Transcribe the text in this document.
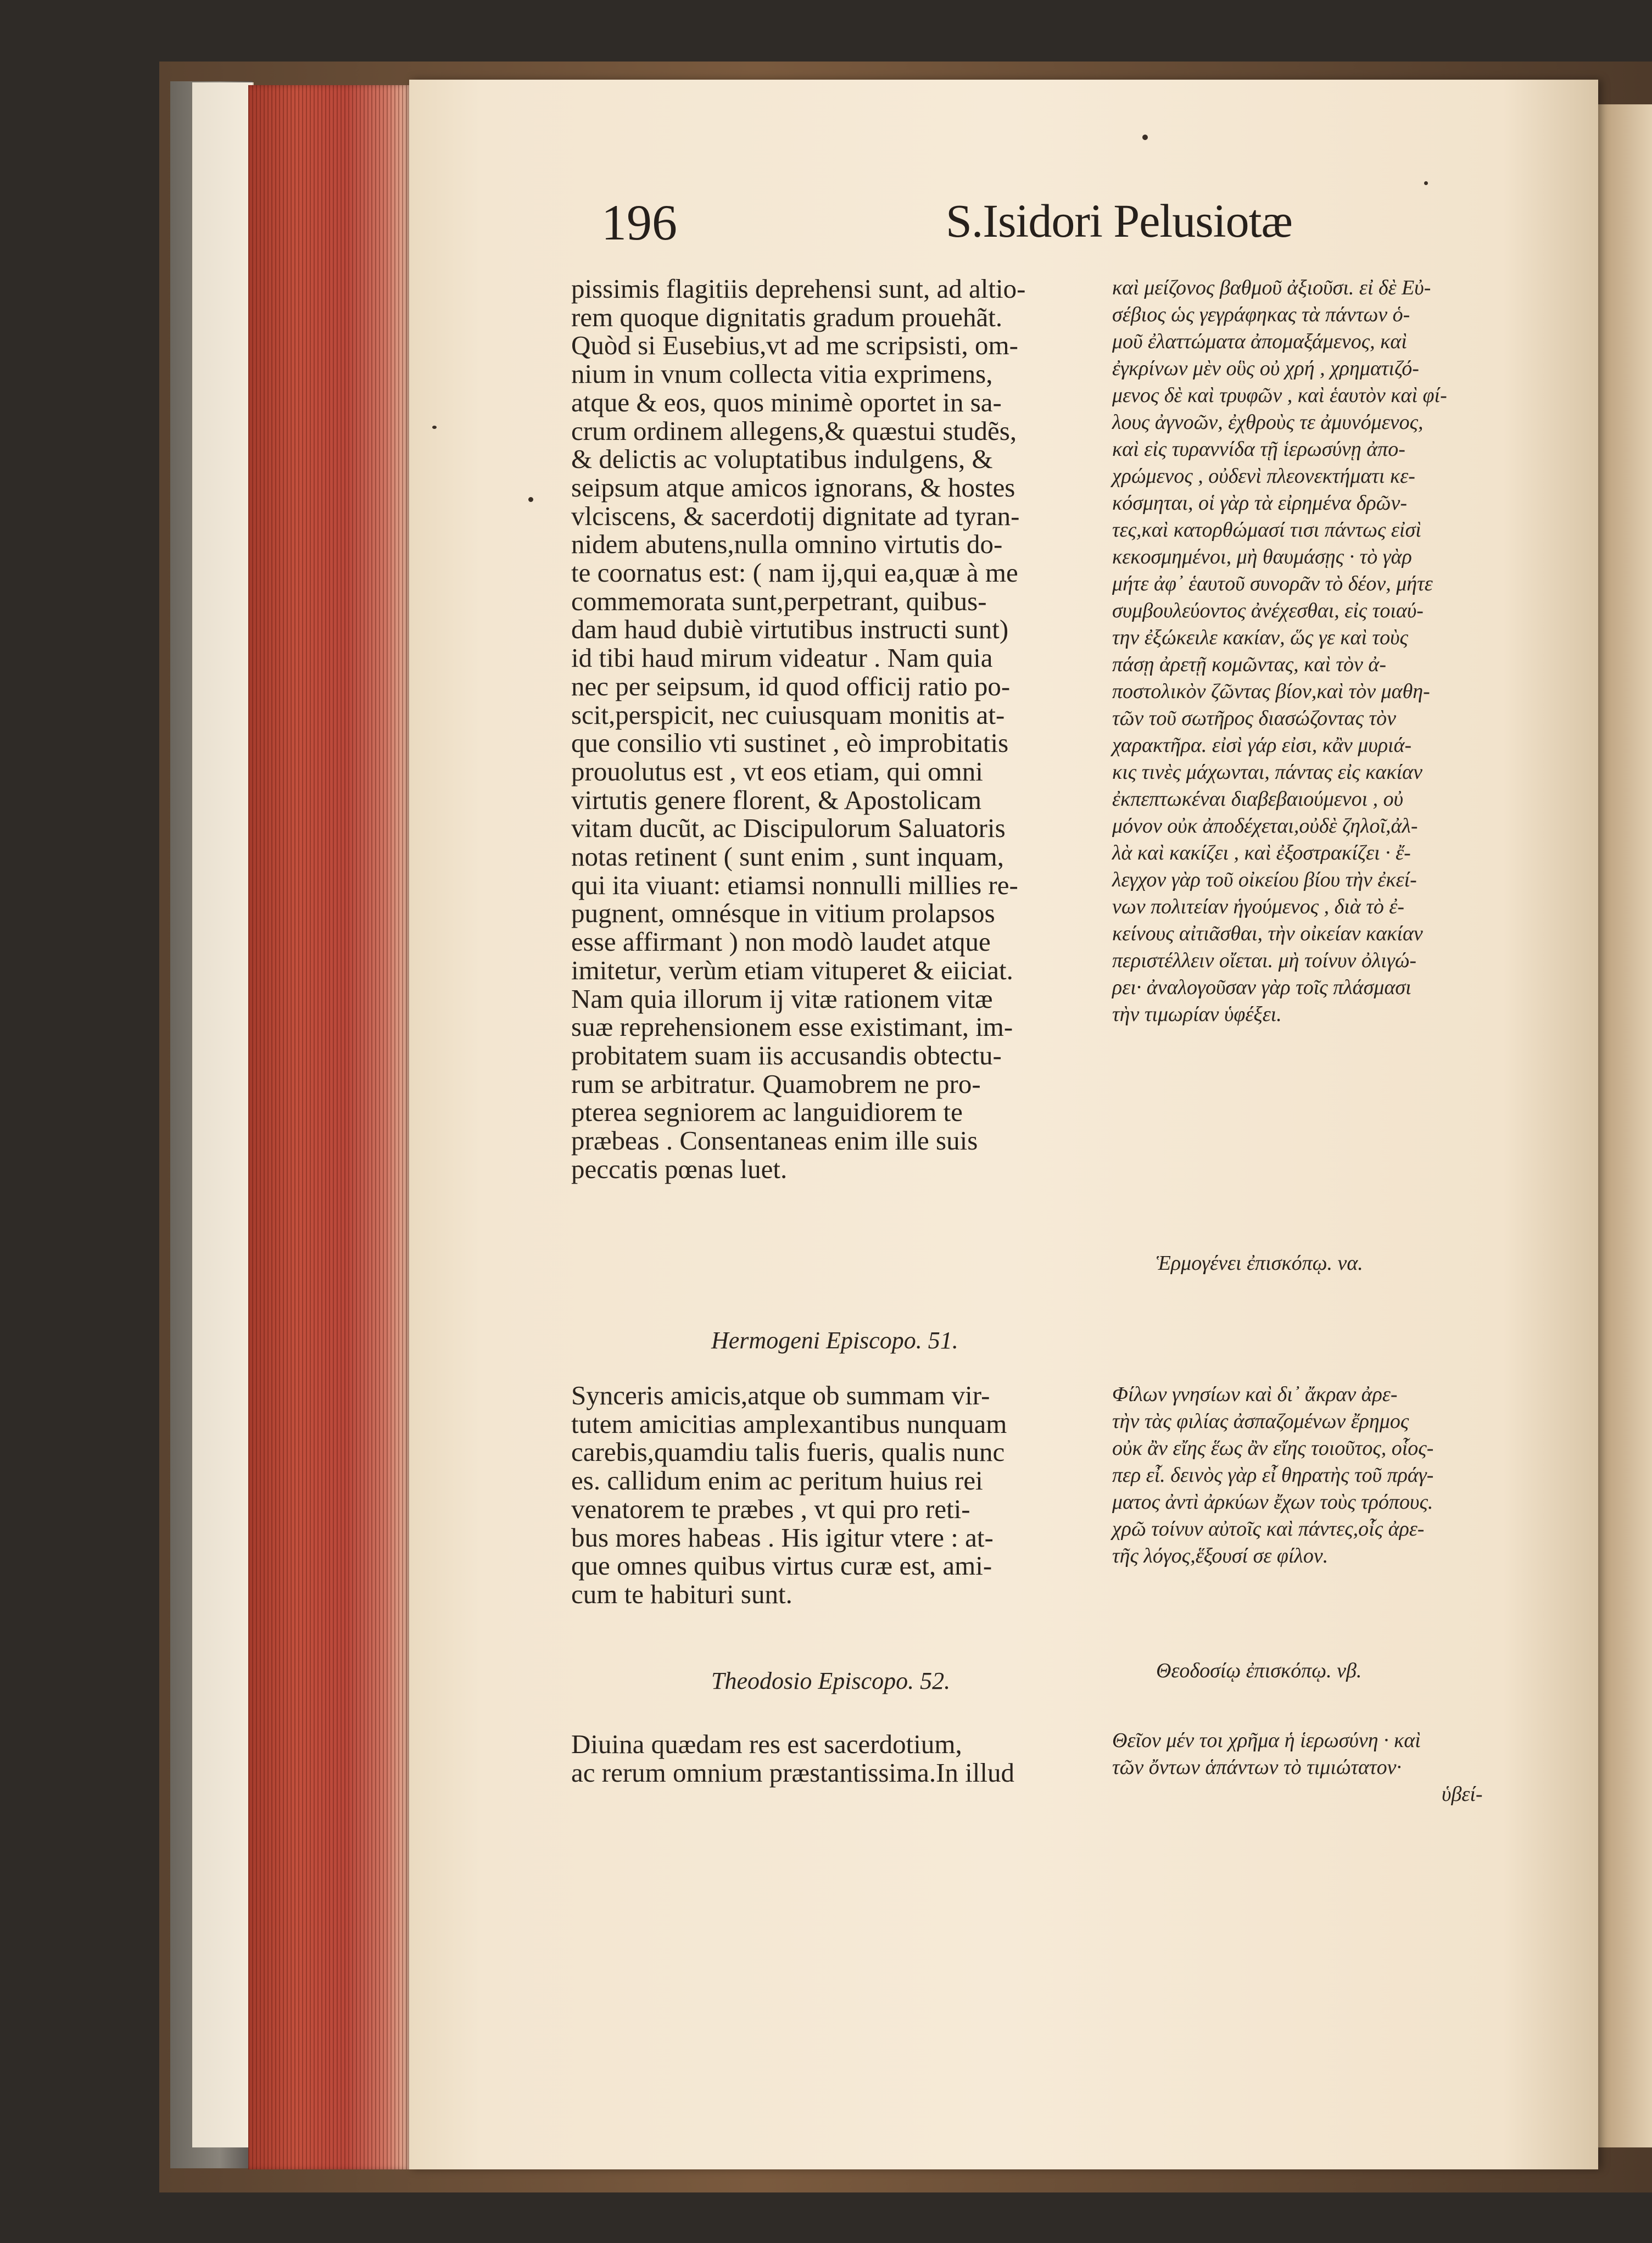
196	S.Isidori Pelusiotæ
pissimis flagitiis deprehensi sunt, ad altio-
rem quoque dignitatis gradum prouehãt.
Quòd si Eusebius,vt ad me scripsisti, om-
nium in vnum collecta vitia exprimens,
atque & eos, quos minimè oportet in sa-
crum ordinem allegens,& quæstui studẽs,
& delictis ac voluptatibus indulgens, &
seipsum atque amicos ignorans, & hostes
vlciscens, & sacerdotij dignitate ad tyran-
nidem abutens,nulla omnino virtutis do-
te coornatus est: ( nam ij,qui ea,quæ à me
commemorata sunt,perpetrant, quibus-
dam haud dubiè virtutibus instructi sunt)
id tibi haud mirum videatur . Nam quia
nec per seipsum, id quod officij ratio po-
scit,perspicit, nec cuiusquam monitis at-
que consilio vti sustinet , eò improbitatis
prouolutus est , vt eos etiam, qui omni
virtutis genere florent, & Apostolicam
vitam ducũt, ac Discipulorum Saluatoris
notas retinent ( sunt enim , sunt inquam,
qui ita viuant: etiamsi nonnulli millies re-
pugnent, omnésque in vitium prolapsos
esse affirmant ) non modò laudet atque
imitetur, verùm etiam vituperet & eiiciat.
Nam quia illorum ij vitæ rationem vitæ
suæ reprehensionem esse existimant, im-
probitatem suam iis accusandis obtectu-
rum se arbitratur. Quamobrem ne pro-
pterea segniorem ac languidiorem te
præbeas . Consentaneas enim ille suis
peccatis pœnas luet.
καὶ μείζονος βαθμοῦ ἀξιοῦσι. εἰ δὲ Εὐ-
σέβιος ὡς γεγράφηκας τὰ πάντων ὁ-
μοῦ ἐλαττώματα ἀπομαξάμενος, καὶ
ἐγκρίνων μὲν οὓς οὐ χρή , χρηματιζό-
μενος δὲ καὶ τρυφῶν , καὶ ἑαυτὸν καὶ φί-
λους ἀγνοῶν, ἐχθροὺς τε ἀμυνόμενος,
καὶ εἰς τυραννίδα τῇ ἱερωσύνῃ ἀπο-
χρώμενος , οὐδενὶ πλεονεκτήματι κε-
κόσμηται, οἱ γὰρ τὰ εἰρημένα δρῶν-
τες,καὶ κατορθώμασί τισι πάντως εἰσὶ
κεκοσμημένοι, μὴ θαυμάσῃς · τὸ γὰρ
μήτε ἀφ᾽ ἑαυτοῦ συνορᾶν τὸ δέον, μήτε
συμβουλεύοντος ἀνέχεσθαι, εἰς τοιαύ-
την ἐξώκειλε κακίαν, ὥς γε καὶ τοὺς
πάσῃ ἀρετῇ κομῶντας, καὶ τὸν ἀ-
ποστολικὸν ζῶντας βίον,καὶ τὸν μαθη-
τῶν τοῦ σωτῆρος διασώζοντας τὸν
χαρακτῆρα. εἰσὶ γάρ εἰσι, κἂν μυριά-
κις τινὲς μάχωνται, πάντας εἰς κακίαν
ἐκπεπτωκέναι διαβεβαιούμενοι , οὐ
μόνον οὐκ ἀποδέχεται,οὐδὲ ζηλοῖ,ἀλ-
λὰ καὶ κακίζει , καὶ ἐξοστρακίζει · ἔ-
λεγχον γὰρ τοῦ οἰκείου βίου τὴν ἐκεί-
νων πολιτείαν ἡγούμενος , διὰ τὸ ἐ-
κείνους αἰτιᾶσθαι, τὴν οἰκείαν κακίαν
περιστέλλειν οἴεται. μὴ τοίνυν ὀλιγώ-
ρει· ἀναλογοῦσαν γὰρ τοῖς πλάσμασι
τὴν τιμωρίαν ὑφέξει.
Hermogeni Episcopo. 51.
Ἑρμογένει ἐπισκόπῳ. να.
Synceris amicis,atque ob summam vir-
tutem amicitias amplexantibus nunquam
carebis,quamdiu talis fueris, qualis nunc
es. callidum enim ac peritum huius rei
venatorem te præbes , vt qui pro reti-
bus mores habeas . His igitur vtere : at-
que omnes quibus virtus curæ est, ami-
cum te habituri sunt.
Φίλων γνησίων καὶ δι᾽ ἄκραν ἀρε-
τὴν τὰς φιλίας ἀσπαζομένων ἔρημος
οὐκ ἂν εἴης ἕως ἂν εἴης τοιοῦτος, οἷος-
περ εἶ. δεινὸς γὰρ εἶ θηρατὴς τοῦ πράγ-
ματος ἀντὶ ἀρκύων ἔχων τοὺς τρόπους.
χρῶ τοίνυν αὐτοῖς καὶ πάντες,οἷς ἀρε-
τῆς λόγος,ἕξουσί σε φίλον.
Theodosio Episcopo. 52.	Θεοδοσίῳ ἐπισκόπῳ. νβ.
Diuina quædam res est sacerdotium,
ac rerum omnium præstantissima.In illud
Θεῖον μέν τοι χρῆμα ἡ ἱερωσύνη · καὶ
τῶν ὄντων ἁπάντων τὸ τιμιώτατον·
ὑβεί-
